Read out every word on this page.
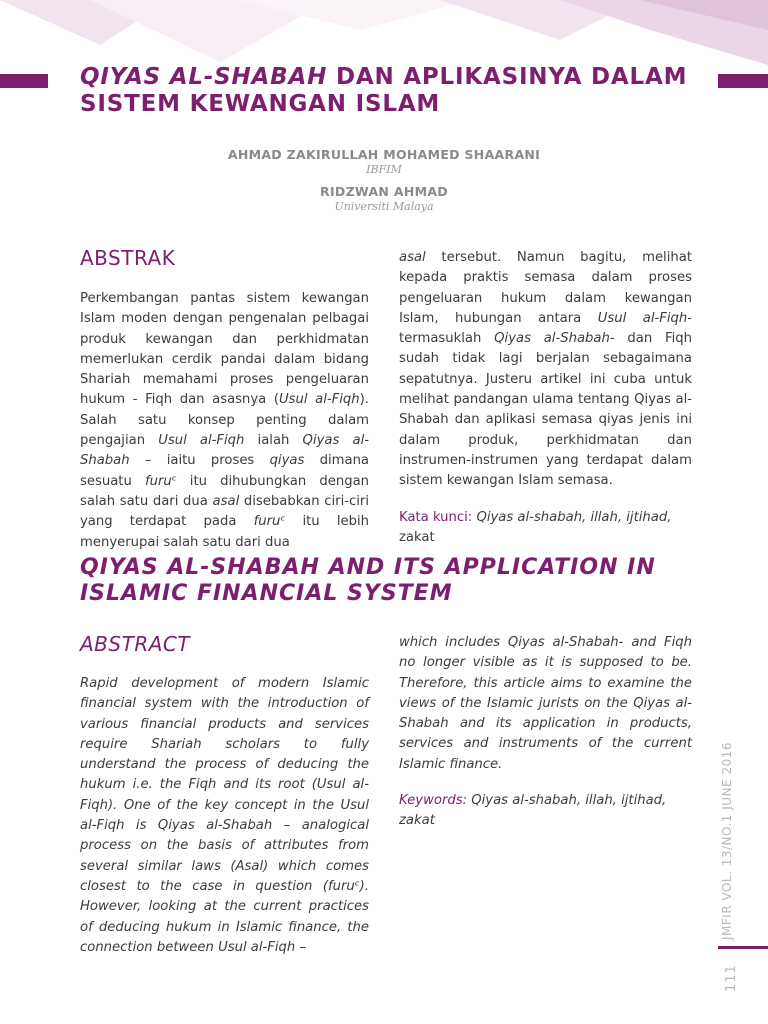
QIYAS AL-SHABAH DAN APLIKASINYA DALAM SISTEM KEWANGAN ISLAM

AHMAD ZAKIRULLAH MOHAMED SHAARANI

IBFIM

RIDZWAN AHMAD

Universiti Malaya

ABSTRAK

Perkembangan pantas sistem kewangan Islam moden dengan pengenalan pelbagai produk kewangan dan perkhidmatan memerlukan cerdik pandai dalam bidang Shariah memahami proses pengeluaran hukum - Fiqh dan asasnya (Usul al-Fiqh). Salah satu konsep penting dalam pengajian Usul al-Fiqh ialah Qiyas al-Shabah – iaitu proses qiyas dimana sesuatu furuᶜ itu dihubungkan dengan salah satu dari dua asal disebabkan ciri-ciri yang terdapat pada furuᶜ itu lebih menyerupai salah satu dari dua

asal tersebut. Namun bagitu, melihat kepada praktis semasa dalam proses pengeluaran hukum dalam kewangan Islam, hubungan antara Usul al-Fiqh-termasuklah Qiyas al-Shabah- dan Fiqh sudah tidak lagi berjalan sebagaimana sepatutnya. Justeru artikel ini cuba untuk melihat pandangan ulama tentang Qiyas al-Shabah dan aplikasi semasa qiyas jenis ini dalam produk, perkhidmatan dan instrumen-instrumen yang terdapat dalam sistem kewangan Islam semasa.

Kata kunci: Qiyas al-shabah, illah, ijtihad,
zakat

QIYAS AL-SHABAH AND ITS APPLICATION IN ISLAMIC FINANCIAL SYSTEM
ABSTRACT

Rapid development of modern Islamic financial system with the introduction of various financial products and services require Shariah scholars to fully understand the process of deducing the hukum i.e. the Fiqh and its root (Usul al-Fiqh). One of the key concept in the Usul al-Fiqh is Qiyas al-Shabah – analogical process on the basis of attributes from several similar laws (Asal) which comes closest to the case in question (furuᶜ). However, looking at the current practices of deducing hukum in Islamic finance, the connection between Usul al-Fiqh –

which includes Qiyas al-Shabah- and Fiqh no longer visible as it is supposed to be. Therefore, this article aims to examine the views of the Islamic jurists on the Qiyas al-Shabah and its application in products, services and instruments of the current Islamic finance.

Keywords: Qiyas al-shabah, illah, ijtihad,
zakat	JMFIR VOL. 13/NO.1 JUNE 2016
111
